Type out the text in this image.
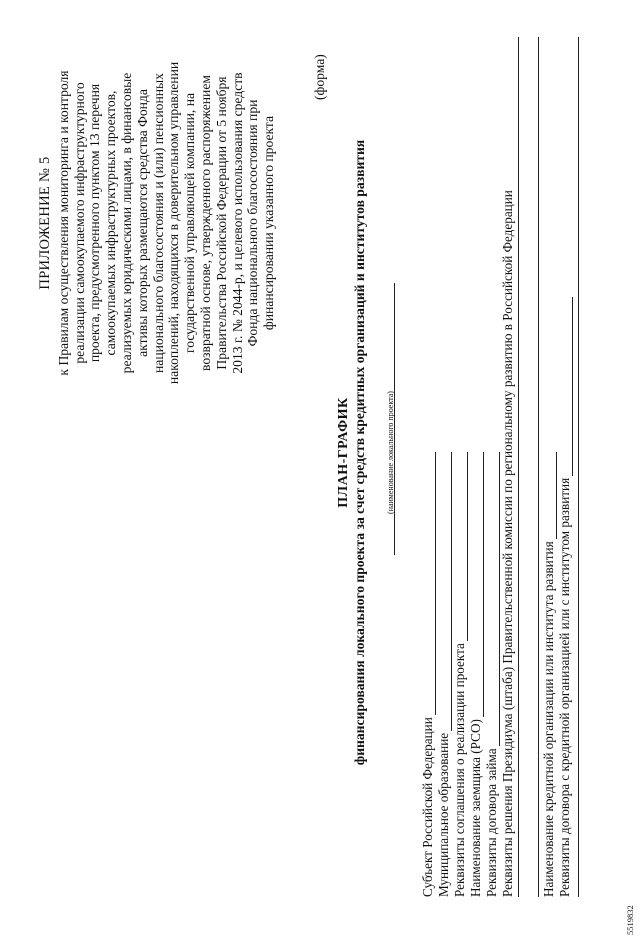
ПРИЛОЖЕНИЕ № 5 к Правилам осуществления мониторинга и контроля реализации самоокупаемого инфраструктурного проекта, предусмотренного пунктом 13 перечня самоокупаемых инфраструктурных проектов, реализуемых юридическими лицами, в финансовые активы которых размещаются средства Фонда национального благосостояния и (или) пенсионных накоплений, находящихся в доверительном управлении государственной управляющей компании, на возвратной основе, утвержденного распоряжением Правительства Российской Федерации от 5 ноября 2013 г. № 2044-р, и целевого использования средств Фонда национального благосостояния при финансировании указанного проекта
(форма)
ПЛАН-ГРАФИК финансирования локального проекта за счет средств кредитных организаций и институтов развития (наименование локального проекта)
Субъект Российской Федерации Муниципальное образование Реквизиты соглашения о реализации проекта Наименование заемщика (РСО) Реквизиты договора займа Реквизиты решения Президиума (штаба) Правительственной комиссии по региональному развитию в Российской Федерации Наименование кредитной организации или института развития Реквизиты договора с кредитной организацией или с институтом развития
5519832
